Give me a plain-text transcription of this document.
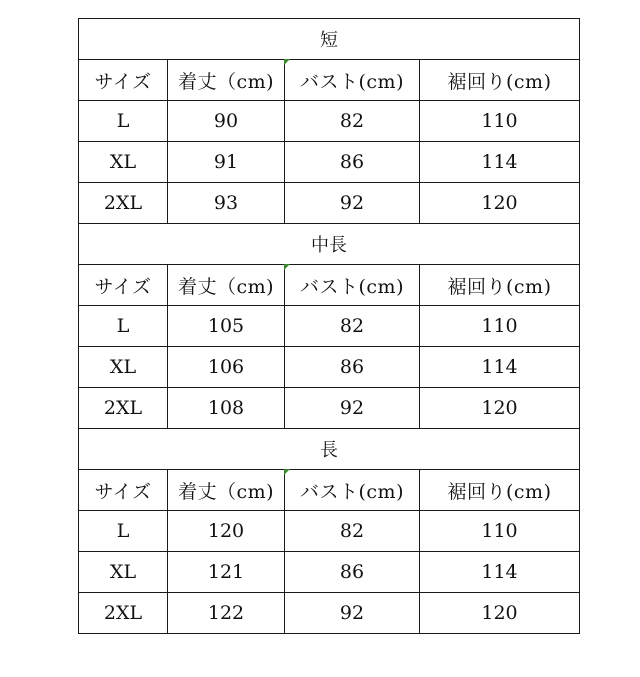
短			
サイズ	着丈（cm)	バスト(cm)	裾回り(cm)
L	90	82	110
XL	91	86	114
2XL	93	92	120
中長			
サイズ	着丈（cm)	バスト(cm)	裾回り(cm)
L	105	82	110
XL	106	86	114
2XL	108	92	120
長			
サイズ	着丈（cm)	バスト(cm)	裾回り(cm)
L	120	82	110
XL	121	86	114
2XL	122	92	120
